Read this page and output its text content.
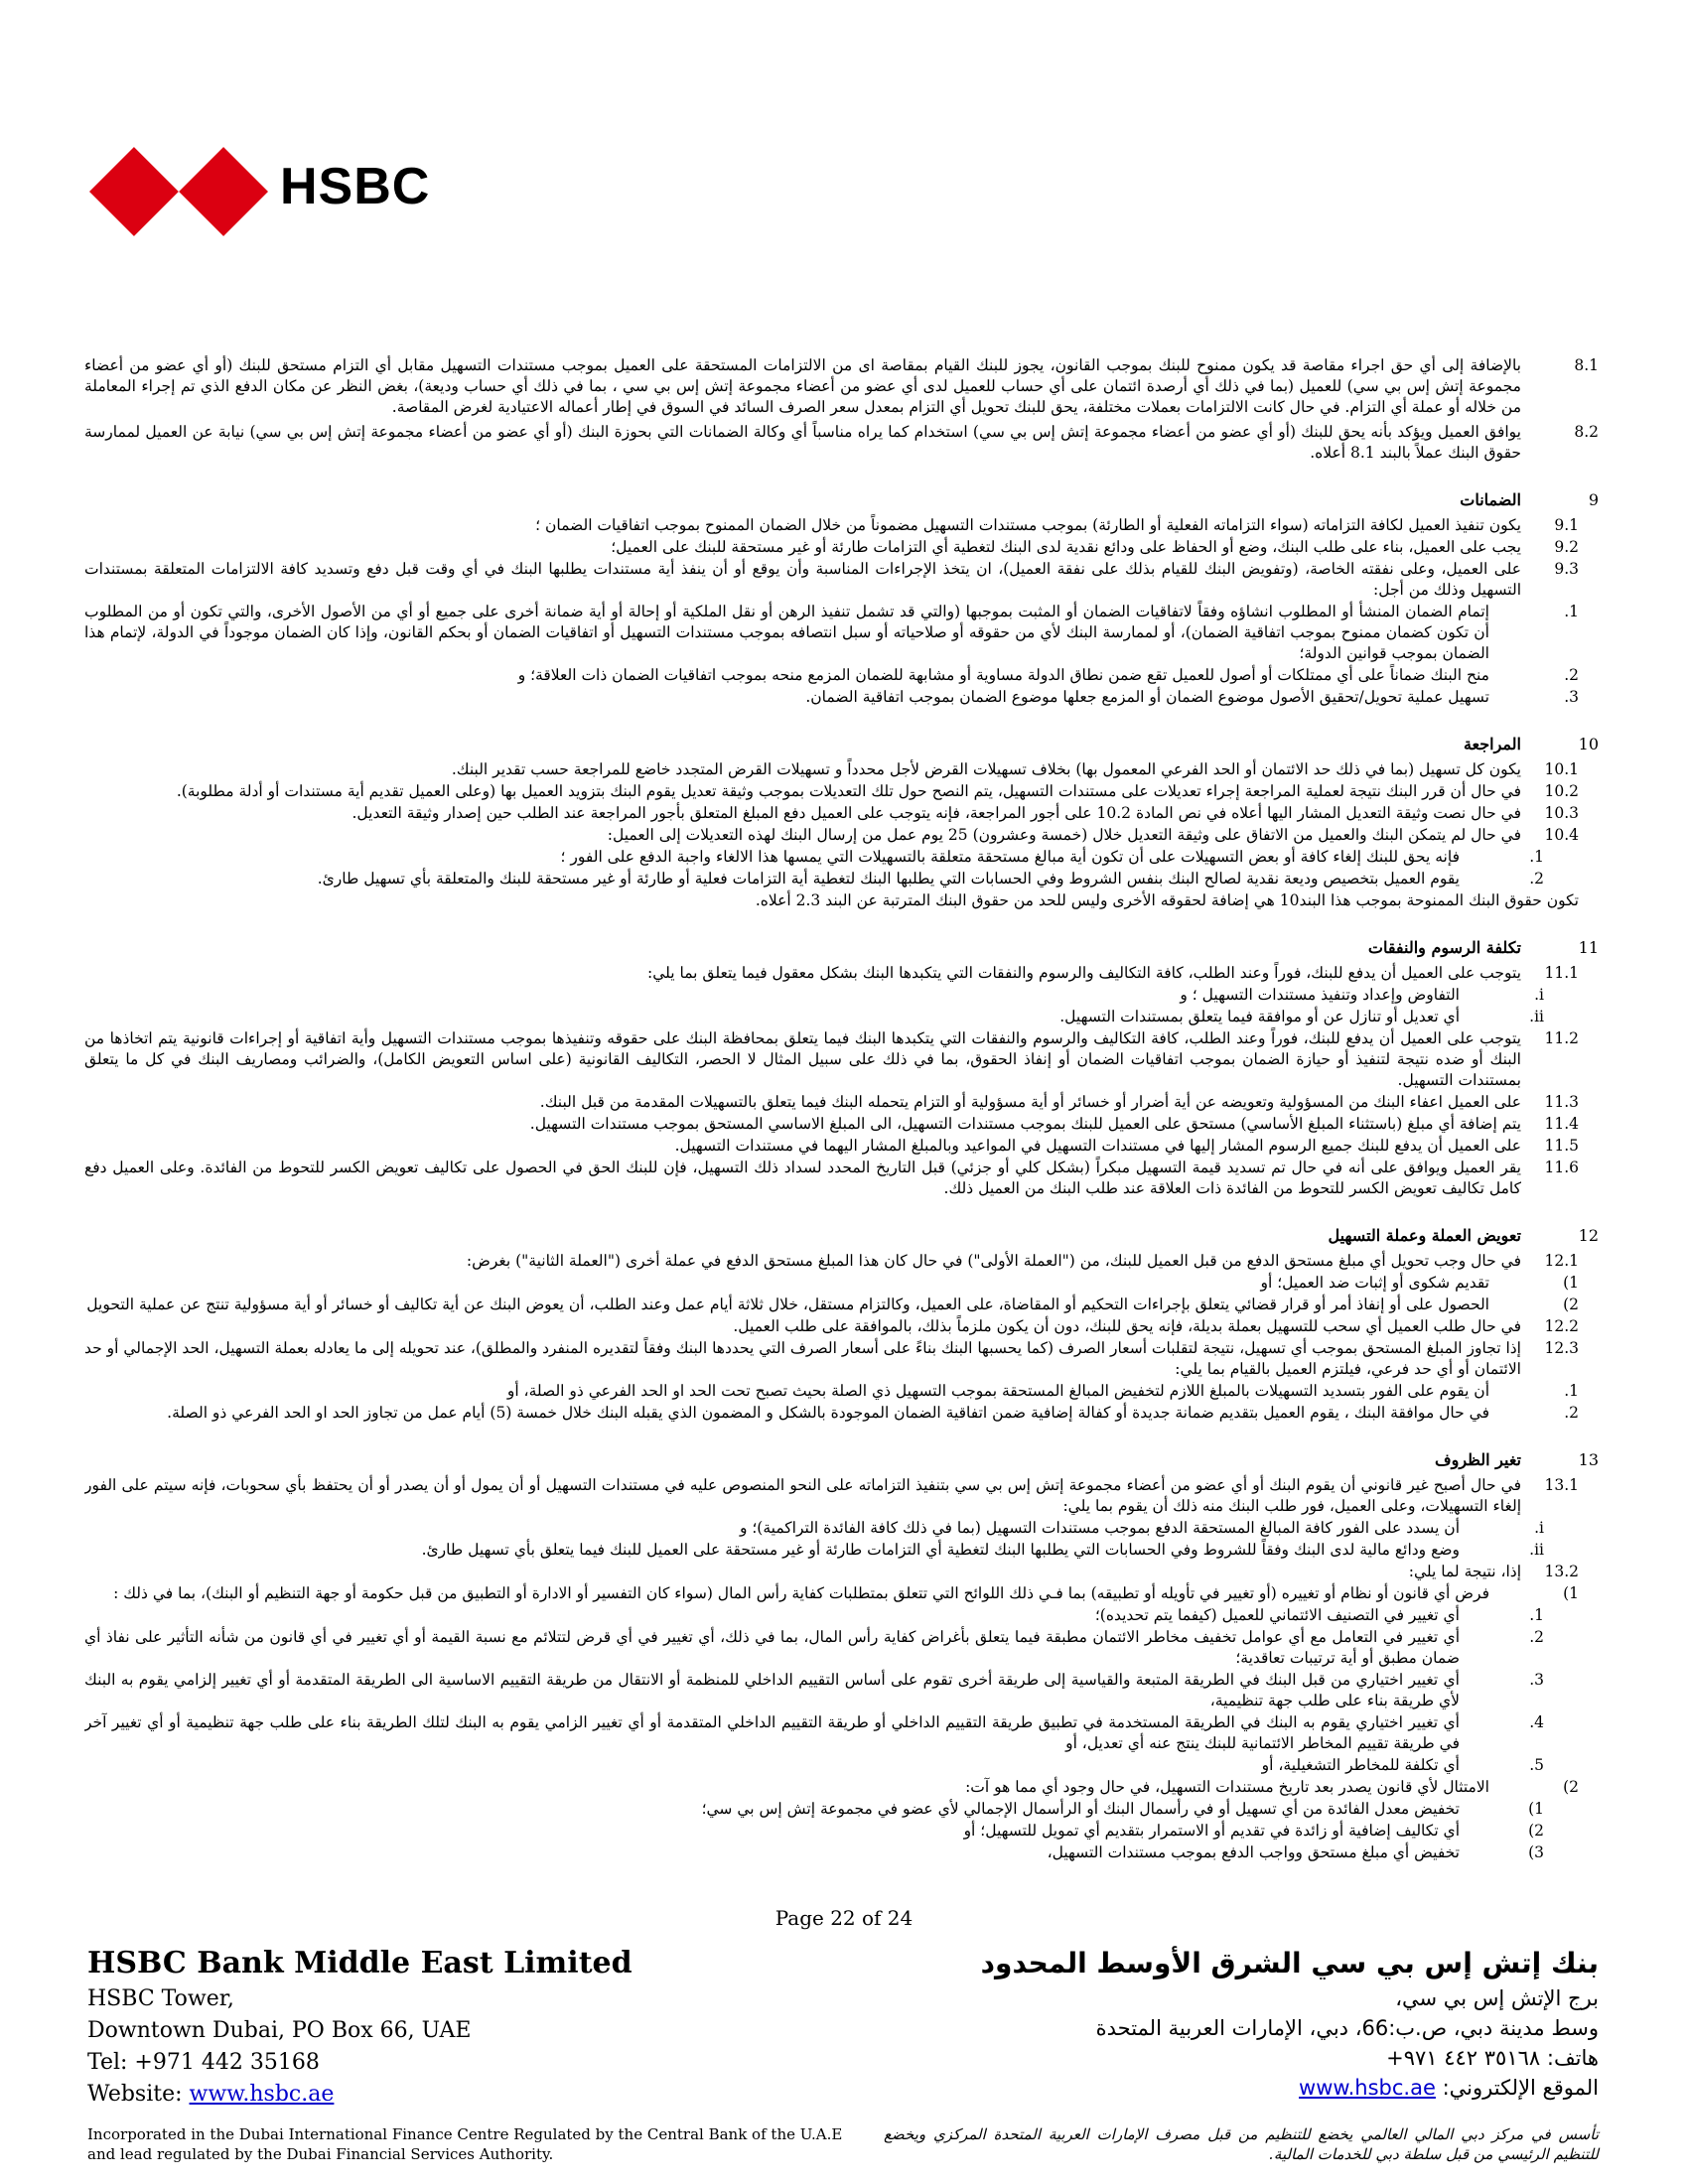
HSBC
8.1
بالإضافة إلى أي حق اجراء مقاصة قد يكون ممنوح للبنك بموجب القانون، يجوز للبنك القيام بمقاصة اى من الالتزامات المستحقة على العميل بموجب مستندات التسهيل مقابل أي التزام مستحق للبنك (أو أي عضو من أعضاء مجموعة إتش إس بي سي) للعميل (بما في ذلك أي أرصدة ائتمان على أي حساب للعميل لدى أي عضو من أعضاء مجموعة إتش إس بي سي ، بما في ذلك أي حساب وديعة)، بغض النظر عن مكان الدفع الذي تم إجراء المعاملة من خلاله أو عملة أي التزام. في حال كانت الالتزامات بعملات مختلفة، يحق للبنك تحويل أي التزام بمعدل سعر الصرف السائد في السوق في إطار أعماله الاعتيادية لغرض المقاصة.
8.2
يوافق العميل ويؤكد بأنه يحق للبنك (أو أي عضو من أعضاء مجموعة إتش إس بي سي) استخدام كما يراه مناسباً أي وكالة الضمانات التي بحوزة البنك (أو أي عضو من أعضاء مجموعة إتش إس بي سي) نيابة عن العميل لممارسة حقوق البنك عملاً بالبند 8.1 أعلاه.
9
الضمانات
9.1
يكون تنفيذ العميل لكافة التزاماته (سواء التزاماته الفعلية أو الطارئة) بموجب مستندات التسهيل مضموناً من خلال الضمان الممنوح بموجب اتفاقيات الضمان ؛
9.2
يجب على العميل، بناء على طلب البنك، وضع أو الحفاظ على ودائع نقدية لدى البنك لتغطية أي التزامات طارئة أو غير مستحقة للبنك على العميل؛
9.3
على العميل، وعلى نفقته الخاصة، (وتفويض البنك للقيام بذلك على نفقة العميل)، ان يتخذ الإجراءات المناسبة وأن يوقع أو أن ينفذ أية مستندات يطلبها البنك في أي وقت قبل دفع وتسديد كافة الالتزامات المتعلقة بمستندات التسهيل وذلك من أجل:
.1
إتمام الضمان المنشأ أو المطلوب انشاؤه وفقاً لاتفاقيات الضمان أو المثبت بموجبها (والتي قد تشمل تنفيذ الرهن أو نقل الملكية أو إحالة أو أية ضمانة أخرى على جميع أو أي من الأصول الأخرى، والتي تكون أو من المطلوب أن تكون كضمان ممنوح بموجب اتفاقية الضمان)، أو لممارسة البنك لأي من حقوقه أو صلاحياته أو سبل انتصافه بموجب مستندات التسهيل أو اتفاقيات الضمان أو بحكم القانون، وإذا كان الضمان موجوداً في الدولة، لإتمام هذا الضمان بموجب قوانين الدولة؛
.2
منح البنك ضماناً على أي ممتلكات أو أصول للعميل تقع ضمن نطاق الدولة مساوية أو مشابهة للضمان المزمع منحه بموجب اتفاقيات الضمان ذات العلاقة؛ و
.3
تسهيل عملية تحويل/تحقيق الأصول موضوع الضمان أو المزمع جعلها موضوع الضمان بموجب اتفاقية الضمان.
10
المراجعة
10.1
يكون كل تسهيل (بما في ذلك حد الائتمان أو الحد الفرعي المعمول بها) بخلاف تسهيلات القرض لأجل محدداً و تسهيلات القرض المتجدد خاضع للمراجعة حسب تقدير البنك.
10.2
في حال أن قرر البنك نتيجة لعملية المراجعة إجراء تعديلات على مستندات التسهيل، يتم النصح حول تلك التعديلات بموجب وثيقة تعديل يقوم البنك بتزويد العميل بها (وعلى العميل تقديم أية مستندات أو أدلة مطلوبة).
10.3
في حال نصت وثيقة التعديل المشار اليها أعلاه في نص المادة 10.2 على أجور المراجعة، فإنه يتوجب على العميل دفع المبلغ المتعلق بأجور المراجعة عند الطلب حين إصدار وثيقة التعديل.
10.4
في حال لم يتمكن البنك والعميل من الاتفاق على وثيقة التعديل خلال (خمسة وعشرون) 25 يوم عمل من إرسال البنك لهذه التعديلات إلى العميل:
.1
فإنه يحق للبنك إلغاء كافة أو بعض التسهيلات على أن تكون أية مبالغ مستحقة متعلقة بالتسهيلات التي يمسها هذا الالغاء واجبة الدفع على الفور ؛
.2
يقوم العميل بتخصيص وديعة نقدية لصالح البنك بنفس الشروط وفي الحسابات التي يطلبها البنك لتغطية أية التزامات فعلية أو طارئة أو غير مستحقة للبنك والمتعلقة بأي تسهيل طارئ.
تكون حقوق البنك الممنوحة بموجب هذا البند10 هي إضافة لحقوقه الأخرى وليس للحد من حقوق البنك المترتبة عن البند 2.3 أعلاه.
11
تكلفة الرسوم والنفقات
11.1
يتوجب على العميل أن يدفع للبنك، فوراً وعند الطلب، كافة التكاليف والرسوم والنفقات التي يتكبدها البنك بشكل معقول فيما يتعلق بما يلي:
.i
التفاوض وإعداد وتنفيذ مستندات التسهيل ؛ و
.ii
أي تعديل أو تنازل عن أو موافقة فيما يتعلق بمستندات التسهيل.
11.2
يتوجب على العميل أن يدفع للبنك، فوراً وعند الطلب، كافة التكاليف والرسوم والنفقات التي يتكبدها البنك فيما يتعلق بمحافظة البنك على حقوقه وتنفيذها بموجب مستندات التسهيل وأية اتفاقية أو إجراءات قانونية يتم اتخاذها من البنك أو ضده نتيجة لتنفيذ أو حيازة الضمان بموجب اتفاقيات الضمان أو إنفاذ الحقوق، بما في ذلك على سبيل المثال لا الحصر، التكاليف القانونية (على اساس التعويض الكامل)، والضرائب ومصاريف البنك في كل ما يتعلق بمستندات التسهيل.
11.3
على العميل اعفاء البنك من المسؤولية وتعويضه عن أية أضرار أو خسائر أو أية مسؤولية أو التزام يتحمله البنك فيما يتعلق بالتسهيلات المقدمة من قبل البنك.
11.4
يتم إضافة أي مبلغ (باستثناء المبلغ الأساسي) مستحق على العميل للبنك بموجب مستندات التسهيل، الى المبلغ الاساسي المستحق بموجب مستندات التسهيل.
11.5
على العميل أن يدفع للبنك جميع الرسوم المشار إليها في مستندات التسهيل في المواعيد وبالمبلغ المشار اليهما في مستندات التسهيل.
11.6
يقر العميل ويوافق على أنه في حال تم تسديد قيمة التسهيل مبكراً (بشكل كلي أو جزئي) قبل التاريخ المحدد لسداد ذلك التسهيل، فإن للبنك الحق في الحصول على تكاليف تعويض الكسر للتحوط من الفائدة. وعلى العميل دفع كامل تكاليف تعويض الكسر للتحوط من الفائدة ذات العلاقة عند طلب البنك من العميل ذلك.
12
تعويض العملة وعملة التسهيل
12.1
في حال وجب تحويل أي مبلغ مستحق الدفع من قبل العميل للبنك، من ("العملة الأولى") في حال كان هذا المبلغ مستحق الدفع في عملة أخرى ("العملة الثانية") بغرض:
(1
تقديم شكوى أو إثبات ضد العميل؛ أو
(2
الحصول على أو إنفاذ أمر أو قرار قضائي يتعلق بإجراءات التحكيم أو المقاضاة، على العميل، وكالتزام مستقل، خلال ثلاثة أيام عمل وعند الطلب، أن يعوض البنك عن أية تكاليف أو خسائر أو أية مسؤولية تنتج عن عملية التحويل
12.2
في حال طلب العميل أي سحب للتسهيل بعملة بديلة، فإنه يحق للبنك، دون أن يكون ملزماً بذلك، بالموافقة على طلب العميل.
12.3
إذا تجاوز المبلغ المستحق بموجب أي تسهيل، نتيجة لتقلبات أسعار الصرف (كما يحسبها البنك بناءً على أسعار الصرف التي يحددها البنك وفقاً لتقديره المنفرد والمطلق)، عند تحويله إلى ما يعادله بعملة التسهيل، الحد الإجمالي أو حد الائتمان أو أي حد فرعي، فيلتزم العميل بالقيام بما يلي:
.1
أن يقوم على الفور بتسديد التسهيلات بالمبلغ اللازم لتخفيض المبالغ المستحقة بموجب التسهيل ذي الصلة بحيث تصبح تحت الحد او الحد الفرعي ذو الصلة، أو
.2
في حال موافقة البنك ، يقوم العميل بتقديم ضمانة جديدة أو كفالة إضافية ضمن اتفاقية الضمان الموجودة بالشكل و المضمون الذي يقبله البنك خلال خمسة (5) أيام عمل من تجاوز الحد او الحد الفرعي ذو الصلة.
13
تغير الظروف
13.1
في حال أصبح غير قانوني أن يقوم البنك أو أي عضو من أعضاء مجموعة إتش إس بي سي بتنفيذ التزاماته على النحو المنصوص عليه في مستندات التسهيل أو أن يمول أو أن يصدر أو أن يحتفظ بأي سحوبات، فإنه سيتم على الفور إلغاء التسهيلات، وعلى العميل، فور طلب البنك منه ذلك أن يقوم بما يلي:
.i
أن يسدد على الفور كافة المبالغ المستحقة الدفع بموجب مستندات التسهيل (بما في ذلك كافة الفائدة التراكمية)؛ و
.ii
وضع ودائع مالية لدى البنك وفقاً للشروط وفي الحسابات التي يطلبها البنك لتغطية أي التزامات طارئة أو غير مستحقة على العميل للبنك فيما يتعلق بأي تسهيل طارئ.
13.2
إذا، نتيجة لما يلي:
(1
فرض أي قانون أو نظام أو تغييره (أو تغيير في تأويله أو تطبيقه) بما فـي ذلك اللوائح التي تتعلق بمتطلبات كفاية رأس المال (سواء كان التفسير أو الادارة أو التطبيق من قبل حكومة أو جهة التنظيم أو البنك)، بما في ذلك :
.1
أي تغيير في التصنيف الائتماني للعميل (كيفما يتم تحديده)؛
.2
أي تغيير في التعامل مع أي عوامل تخفيف مخاطر الائتمان مطبقة فيما يتعلق بأغراض كفاية رأس المال، بما في ذلك، أي تغيير في أي قرض لتتلائم مع نسبة القيمة أو أي تغيير في أي قانون من شأنه التأثير على نفاذ أي ضمان مطبق أو أية ترتيبات تعاقدية؛
.3
أي تغيير اختياري من قبل البنك في الطريقة المتبعة والقياسية إلى طريقة أخرى تقوم على أساس التقييم الداخلي للمنظمة أو الانتقال من طريقة التقييم الاساسية الى الطريقة المتقدمة أو أي تغيير إلزامي يقوم به البنك لأي طريقة بناء على طلب جهة تنظيمية،
.4
أي تغيير اختياري يقوم به البنك في الطريقة المستخدمة في تطبيق طريقة التقييم الداخلي أو طريقة التقييم الداخلي المتقدمة أو أي تغيير الزامي يقوم به البنك لتلك الطريقة بناء على طلب جهة تنظيمية أو أي تغيير آخر في طريقة تقييم المخاطر الائتمانية للبنك ينتج عنه أي تعديل، أو
.5
أي تكلفة للمخاطر التشغيلية، أو
(2
الامتثال لأي قانون يصدر بعد تاريخ مستندات التسهيل، في حال وجود أي مما هو آت:
(1
تخفيض معدل الفائدة من أي تسهيل أو في رأسمال البنك أو الرأسمال الإجمالي لأي عضو في مجموعة إتش إس بي سي؛
(2
أي تكاليف إضافية أو زائدة في تقديم أو الاستمرار بتقديم أي تمويل للتسهيل؛ أو
(3
تخفيض أي مبلغ مستحق وواجب الدفع بموجب مستندات التسهيل،
Page 22 of 24
HSBC Bank Middle East Limited
HSBC Tower,
Downtown Dubai, PO Box 66, UAE
Tel: +971 442 35168
Website: www.hsbc.ae
بنك إتش إس بي سي الشرق الأوسط المحدود
برج الإتش إس بي سي،
وسط مدينة دبي، ص.ب:66، دبي، الإمارات العربية المتحدة
هاتف: ٣٥١٦٨ ٤٤٢ ٩٧١+
الموقع الإلكتروني: www.hsbc.ae
Incorporated in the Dubai International Finance Centre Regulated by the Central Bank of the U.A.E and lead regulated by the Dubai Financial Services Authority.
تأسس في مركز دبي المالي العالمي يخضع للتنظيم من قبل مصرف الإمارات العربية المتحدة المركزي ويخضع للتنظيم الرئيسي من قبل سلطة دبي للخدمات المالية.
